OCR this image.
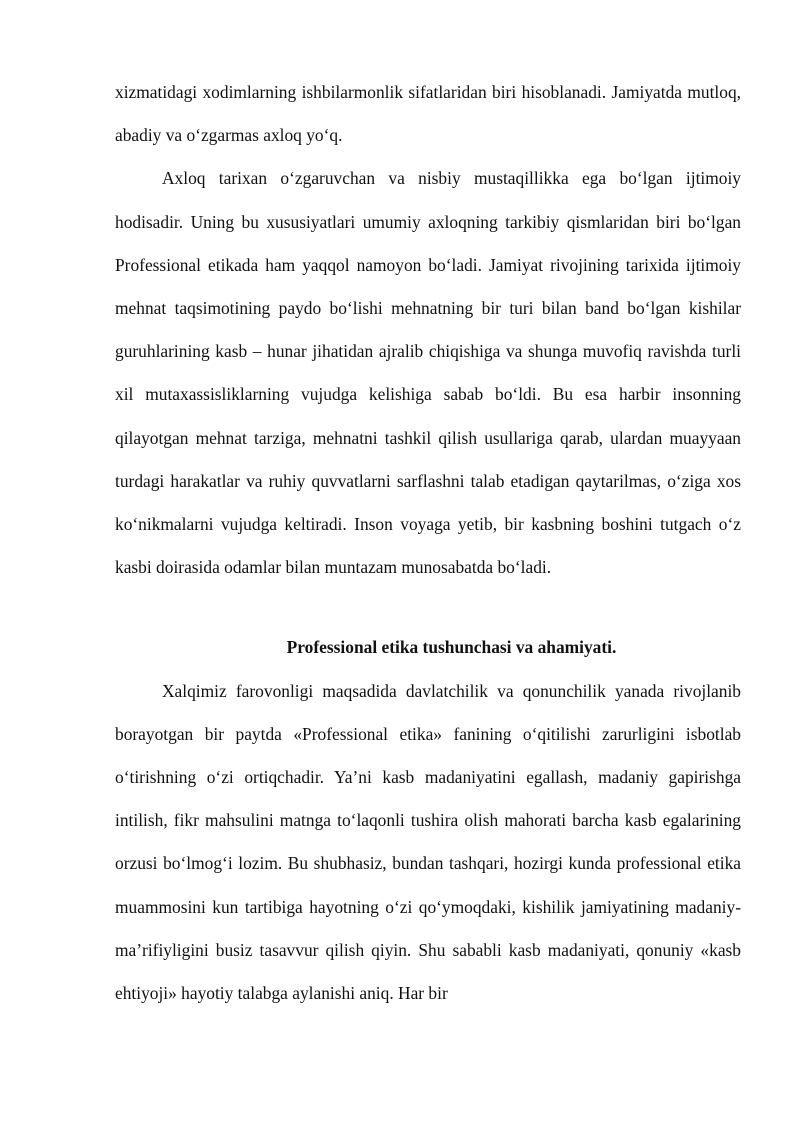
xizmatidagi xodimlarning ishbilarmonlik sifatlaridan biri hisoblanadi. Jamiyatda mutloq, abadiy va o‘zgarmas axloq yo‘q.

Axloq tarixan o‘zgaruvchan va nisbiy mustaqillikka ega bo‘lgan ijtimoiy hodisadir. Uning bu xususiyatlari umumiy axloqning tarkibiy qismlaridan biri bo‘lgan Professional etikada ham yaqqol namoyon bo‘ladi. Jamiyat rivojining tarixida ijtimoiy mehnat taqsimotining paydo bo‘lishi mehnatning bir turi bilan band bo‘lgan kishilar guruhlarining kasb – hunar jihatidan ajralib chiqishiga va shunga muvofiq ravishda turli xil mutaxassisliklarning vujudga kelishiga sabab bo‘ldi. Bu esa harbir insonning qilayotgan mehnat tarziga, mehnatni tashkil qilish usullariga qarab, ulardan muayyaan turdagi harakatlar va ruhiy quvvatlarni sarflashni talab etadigan qaytarilmas, o‘ziga xos ko‘nikmalarni vujudga keltiradi. Inson voyaga yetib, bir kasbning boshini tutgach o‘z kasbi doirasida odamlar bilan muntazam munosabatda bo‘ladi.

Professional etika tushunchasi va ahamiyati.

Xalqimiz farovonligi maqsadida davlatchilik va qonunchilik yanada rivojlanib borayotgan bir paytda «Professional etika» fanining o‘qitilishi zarurligini isbotlab o‘tirishning o‘zi ortiqchadir. Ya’ni kasb madaniyatini egallash, madaniy gapirishga intilish, fikr mahsulini matnga to‘laqonli tushira olish mahorati barcha kasb egalarining orzusi bo‘lmog‘i lozim. Bu shubhasiz, bundan tashqari, hozirgi kunda professional etika muammosini kun tartibiga hayotning o‘zi qo‘ymoqdaki, kishilik jamiyatining madaniy-ma’rifiyligini busiz tasavvur qilish qiyin. Shu sababli kasb madaniyati, qonuniy «kasb ehtiyoji» hayotiy talabga aylanishi aniq. Har bir
